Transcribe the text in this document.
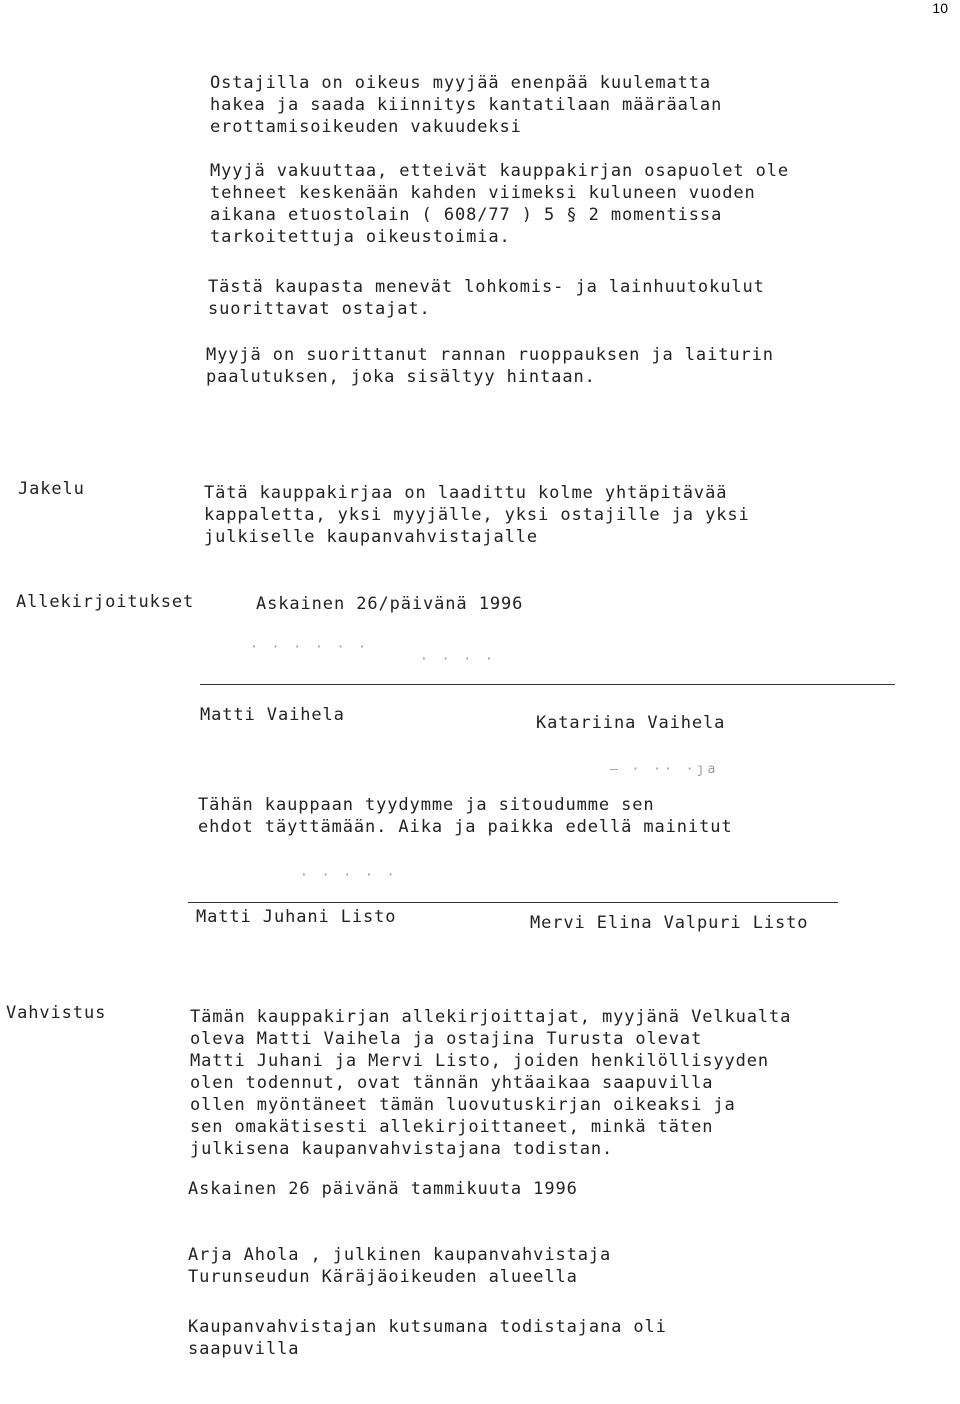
10

Ostajilla on oikeus myyjää enenpää kuulematta
hakea ja saada kiinnitys kantatilaan määräalan
erottamisoikeuden vakuudeksi

Myyjä vakuuttaa, etteivät kauppakirjan osapuolet ole
tehneet keskenään kahden viimeksi kuluneen vuoden
aikana etuostolain ( 608/77 ) 5 § 2 momentissa
tarkoitettuja oikeustoimia.

Tästä kaupasta menevät lohkomis- ja lainhuutokulut
suorittavat ostajat.

Myyjä on suorittanut rannan ruoppauksen ja laiturin
paalutuksen, joka sisältyy hintaan.

Jakelu	Tätä kauppakirjaa on laadittu kolme yhtäpitävää
kappaletta, yksi myyjälle, yksi ostajille ja yksi
julkiselle kaupanvahvistajalle

Allekirjoitukset	Askainen 26/päivänä 1996
· · · · · ·
· · · ·
Matti Vaihela	Katariina Vaihela
— · ·· ·ȷa

Tähän kauppaan tyydymme ja sitoudumme sen
ehdot täyttämään. Aika ja paikka edellä mainitut

· · · · ·
Matti Juhani Listo	Mervi Elina Valpuri Listo
Vahvistus	Tämän kauppakirjan allekirjoittajat, myyjänä Velkualta
oleva Matti Vaihela ja ostajina Turusta olevat
Matti Juhani ja Mervi Listo, joiden henkilöllisyyden
olen todennut, ovat tännän yhtäaikaa saapuvilla
ollen myöntäneet tämän luovutuskirjan oikeaksi ja
sen omakätisesti allekirjoittaneet, minkä täten
julkisena kaupanvahvistajana todistan.

Askainen 26 päivänä tammikuuta 1996

Arja Ahola , julkinen kaupanvahvistaja
Turunseudun Käräjäoikeuden alueella

Kaupanvahvistajan kutsumana todistajana oli
saapuvilla
